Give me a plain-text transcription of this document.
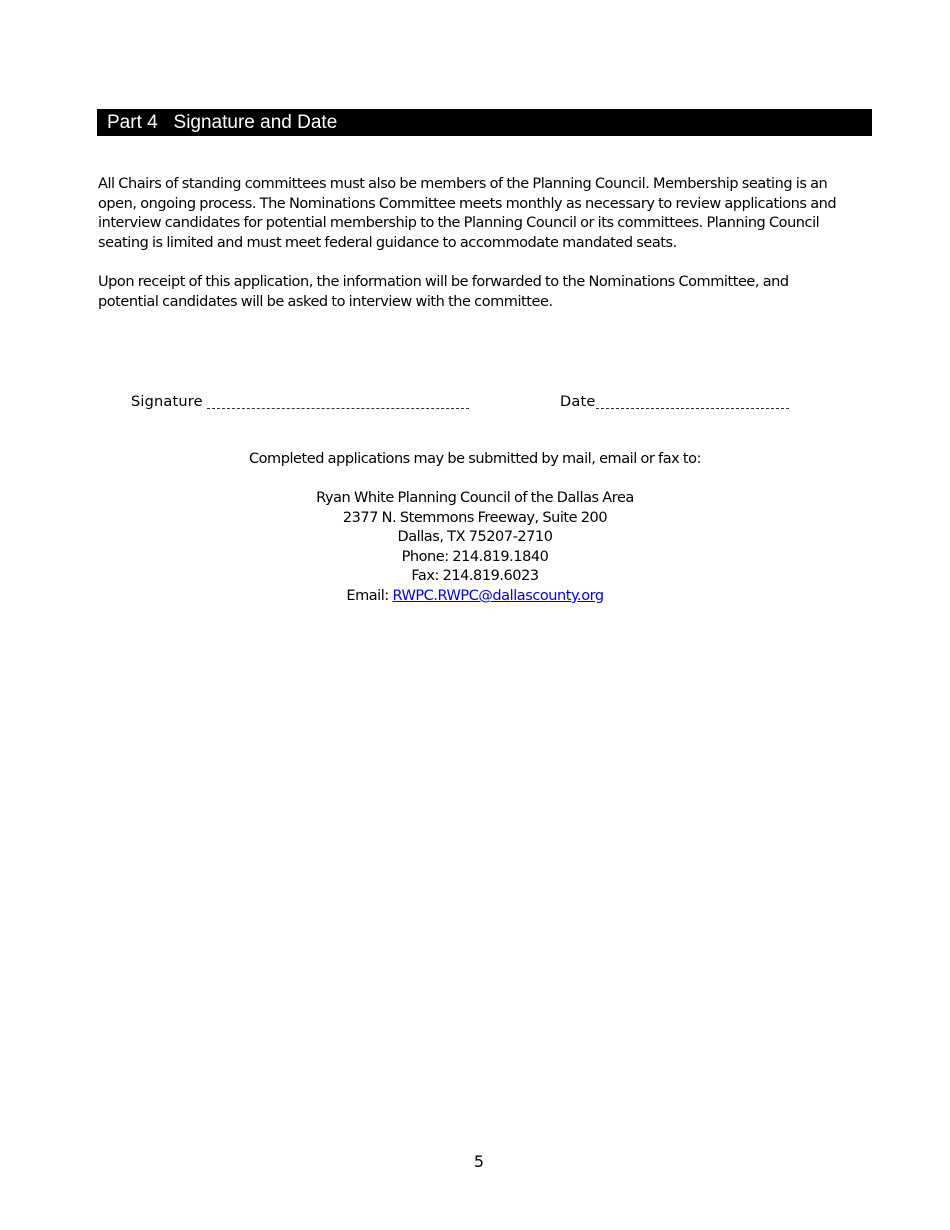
Part 4   Signature and Date

All Chairs of standing committees must also be members of the Planning Council. Membership seating is an open, ongoing process. The Nominations Committee meets monthly as necessary to review applications and interview candidates for potential membership to the Planning Council or its committees. Planning Council seating is limited and must meet federal guidance to accommodate mandated seats.

Upon receipt of this application, the information will be forwarded to the Nominations Committee, and potential candidates will be asked to interview with the committee.

Signature	Date
Completed applications may be submitted by mail, email or fax to:
Ryan White Planning Council of the Dallas Area
2377 N. Stemmons Freeway, Suite 200
Dallas, TX 75207-2710
Phone: 214.819.1840
Fax: 214.819.6023
Email: RWPC.RWPC@dallascounty.org
5
